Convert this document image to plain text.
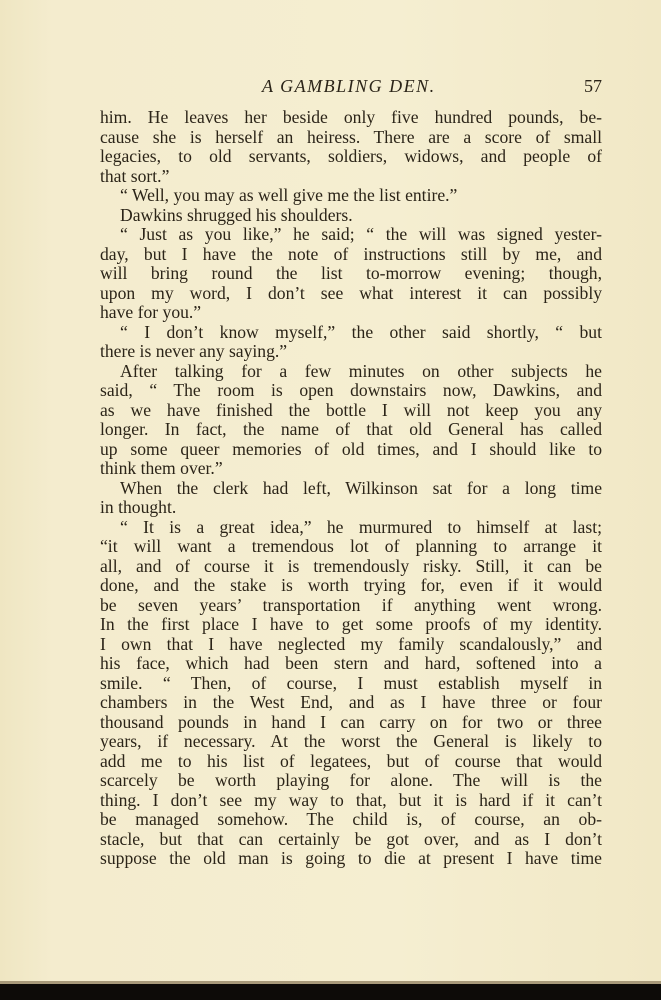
A GAMBLING DEN.	57
him. He leaves her beside only five hundred pounds, be-
cause she is herself an heiress. There are a score of small
legacies, to old servants, soldiers, widows, and people of
that sort.”
“ Well, you may as well give me the list entire.”
Dawkins shrugged his shoulders.
“ Just as you like,” he said; “ the will was signed yester-
day, but I have the note of instructions still by me, and
will bring round the list to-morrow evening; though,
upon my word, I don’t see what interest it can possibly
have for you.”
“ I don’t know myself,” the other said shortly, “ but
there is never any saying.”
After talking for a few minutes on other subjects he
said, “ The room is open downstairs now, Dawkins, and
as we have finished the bottle I will not keep you any
longer. In fact, the name of that old General has called
up some queer memories of old times, and I should like to
think them over.”
When the clerk had left, Wilkinson sat for a long time
in thought.
“ It is a great idea,” he murmured to himself at last;
“it will want a tremendous lot of planning to arrange it
all, and of course it is tremendously risky. Still, it can be
done, and the stake is worth trying for, even if it would
be seven years’ transportation if anything went wrong.
In the first place I have to get some proofs of my identity.
I own that I have neglected my family scandalously,” and
his face, which had been stern and hard, softened into a
smile. “ Then, of course, I must establish myself in
chambers in the West End, and as I have three or four
thousand pounds in hand I can carry on for two or three
years, if necessary. At the worst the General is likely to
add me to his list of legatees, but of course that would
scarcely be worth playing for alone. The will is the
thing. I don’t see my way to that, but it is hard if it can’t
be managed somehow. The child is, of course, an ob-
stacle, but that can certainly be got over, and as I don’t
suppose the old man is going to die at present I have time
